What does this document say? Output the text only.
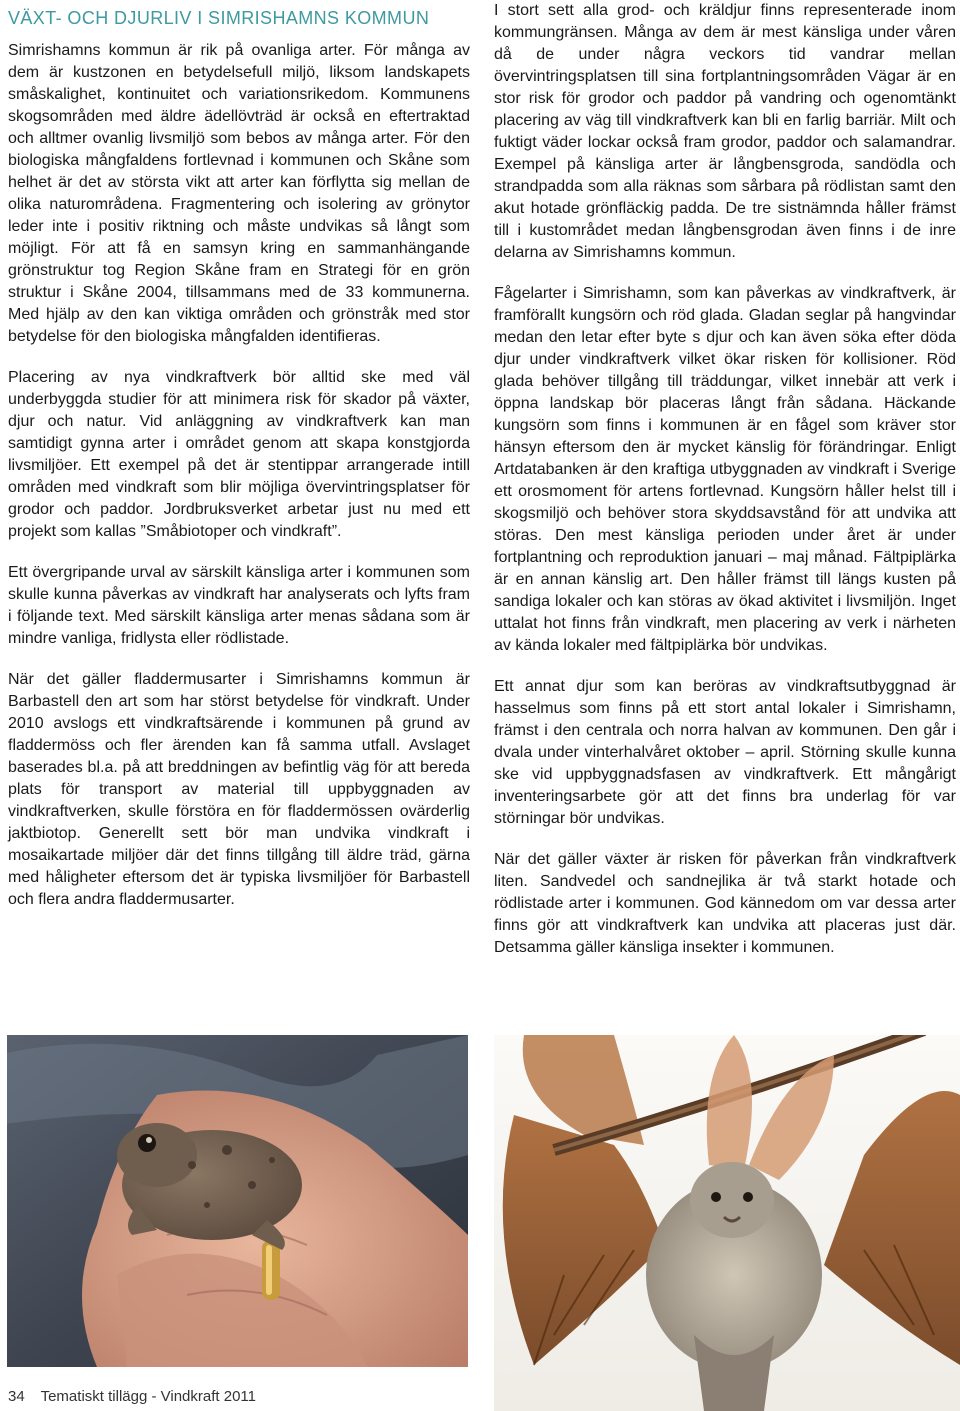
VÄXT- OCH DJURLIV I SIMRISHAMNS KOMMUN

Simrishamns kommun är rik på ovanliga arter. För många av dem är kustzonen en betydelsefull miljö, liksom landskapets småskalighet, kontinuitet och variationsrikedom. Kommunens skogsområden med äldre ädellövträd är också en eftertraktad och alltmer ovanlig livsmiljö som bebos av många arter. För den biologiska mångfaldens fortlevnad i kommunen och Skåne som helhet är det av största vikt att arter kan förflytta sig mellan de olika naturområdena. Fragmentering och isolering av grönytor leder inte i positiv riktning och måste undvikas så långt som möjligt. För att få en samsyn kring en sammanhängande grönstruktur tog Region Skåne fram en Strategi för en grön struktur i Skåne 2004, tillsammans med de 33 kommunerna. Med hjälp av den kan viktiga områden och grönstråk med stor betydelse för den biologiska mångfalden identifieras.

Placering av nya vindkraftverk bör alltid ske med väl underbyggda studier för att minimera risk för skador på växter, djur och natur. Vid anläggning av vindkraftverk kan man samtidigt gynna arter i området genom att skapa konstgjorda livsmiljöer. Ett exempel på det är stentippar arrangerade intill områden med vindkraft som blir möjliga övervintringsplatser för grodor och paddor. Jordbruksverket arbetar just nu med ett projekt som kallas ”Småbiotoper och vindkraft”.

Ett övergripande urval av särskilt känsliga arter i kommunen som skulle kunna påverkas av vindkraft har analyserats och lyfts fram i följande text. Med särskilt känsliga arter menas sådana som är mindre vanliga, fridlysta eller rödlistade.

När det gäller fladdermusarter i Simrishamns kommun är Barbastell den art som har störst betydelse för vindkraft. Under 2010 avslogs ett vindkraftsärende i kommunen på grund av fladdermöss och fler ärenden kan få samma utfall. Avslaget baserades bl.a. på att breddningen av befintlig väg för att bereda plats för transport av material till uppbyggnaden av vindkraftverken, skulle förstöra en för fladdermössen ovärderlig jaktbiotop. Generellt sett bör man undvika vindkraft i mosaikartade miljöer där det finns tillgång till äldre träd, gärna med håligheter eftersom det är typiska livsmiljöer för Barbastell och flera andra fladdermusarter.

I stort sett alla grod- och kräldjur finns representerade inom kommungränsen. Många av dem är mest känsliga under våren då de under några veckors tid vandrar mellan övervintringsplatsen till sina fortplantningsområden Vägar är en stor risk för grodor och paddor på vandring och ogenomtänkt placering av väg till vindkraftverk kan bli en farlig barriär. Milt och fuktigt väder lockar också fram grodor, paddor och salamandrar. Exempel på känsliga arter är långbensgroda, sandödla och strandpadda som alla räknas som sårbara på rödlistan samt den akut hotade grönfläckig padda. De tre sistnämnda håller främst till i kustområdet medan långbensgrodan även finns i de inre delarna av Simrishamns kommun.

Fågelarter i Simrishamn, som kan påverkas av vindkraftverk, är framförallt kungsörn och röd glada. Gladan seglar på hangvindar medan den letar efter byte s djur och kan även söka efter döda djur under vindkraftverk vilket ökar risken för kollisioner. Röd glada behöver tillgång till träddungar, vilket innebär att verk i öppna landskap bör placeras långt från sådana. Häckande kungsörn som finns i kommunen är en fågel som kräver stor hänsyn eftersom den är mycket känslig för förändringar. Enligt Artdatabanken är den kraftiga utbyggnaden av vindkraft i Sverige ett orosmoment för artens fortlevnad. Kungsörn håller helst till i skogsmiljö och behöver stora skyddsavstånd för att undvika att störas. Den mest känsliga perioden under året är under fortplantning och reproduktion januari – maj månad. Fältpiplärka är en annan känslig art. Den håller främst till längs kusten på sandiga lokaler och kan störas av ökad aktivitet i livsmiljön. Inget uttalat hot finns från vindkraft, men placering av verk i närheten av kända lokaler med fältpiplärka bör undvikas.

Ett annat djur som kan beröras av vindkraftsutbyggnad är hasselmus som finns på ett stort antal lokaler i Simrishamn, främst i den centrala och norra halvan av kommunen. Den går i dvala under vinterhalvåret oktober – april. Störning skulle kunna ske vid uppbyggnadsfasen av vindkraftverk. Ett mångårigt inventeringsarbete gör att det finns bra underlag för var störningar bör undvikas.

När det gäller växter är risken för påverkan från vindkraftverk liten. Sandvedel och sandnejlika är två starkt hotade och rödlistade arter i kommunen. God kännedom om var dessa arter finns gör att vindkraftverk kan undvika att placeras just där. Detsamma gäller känsliga insekter i kommunen.

34 Tematiskt tillägg - Vindkraft 2011
